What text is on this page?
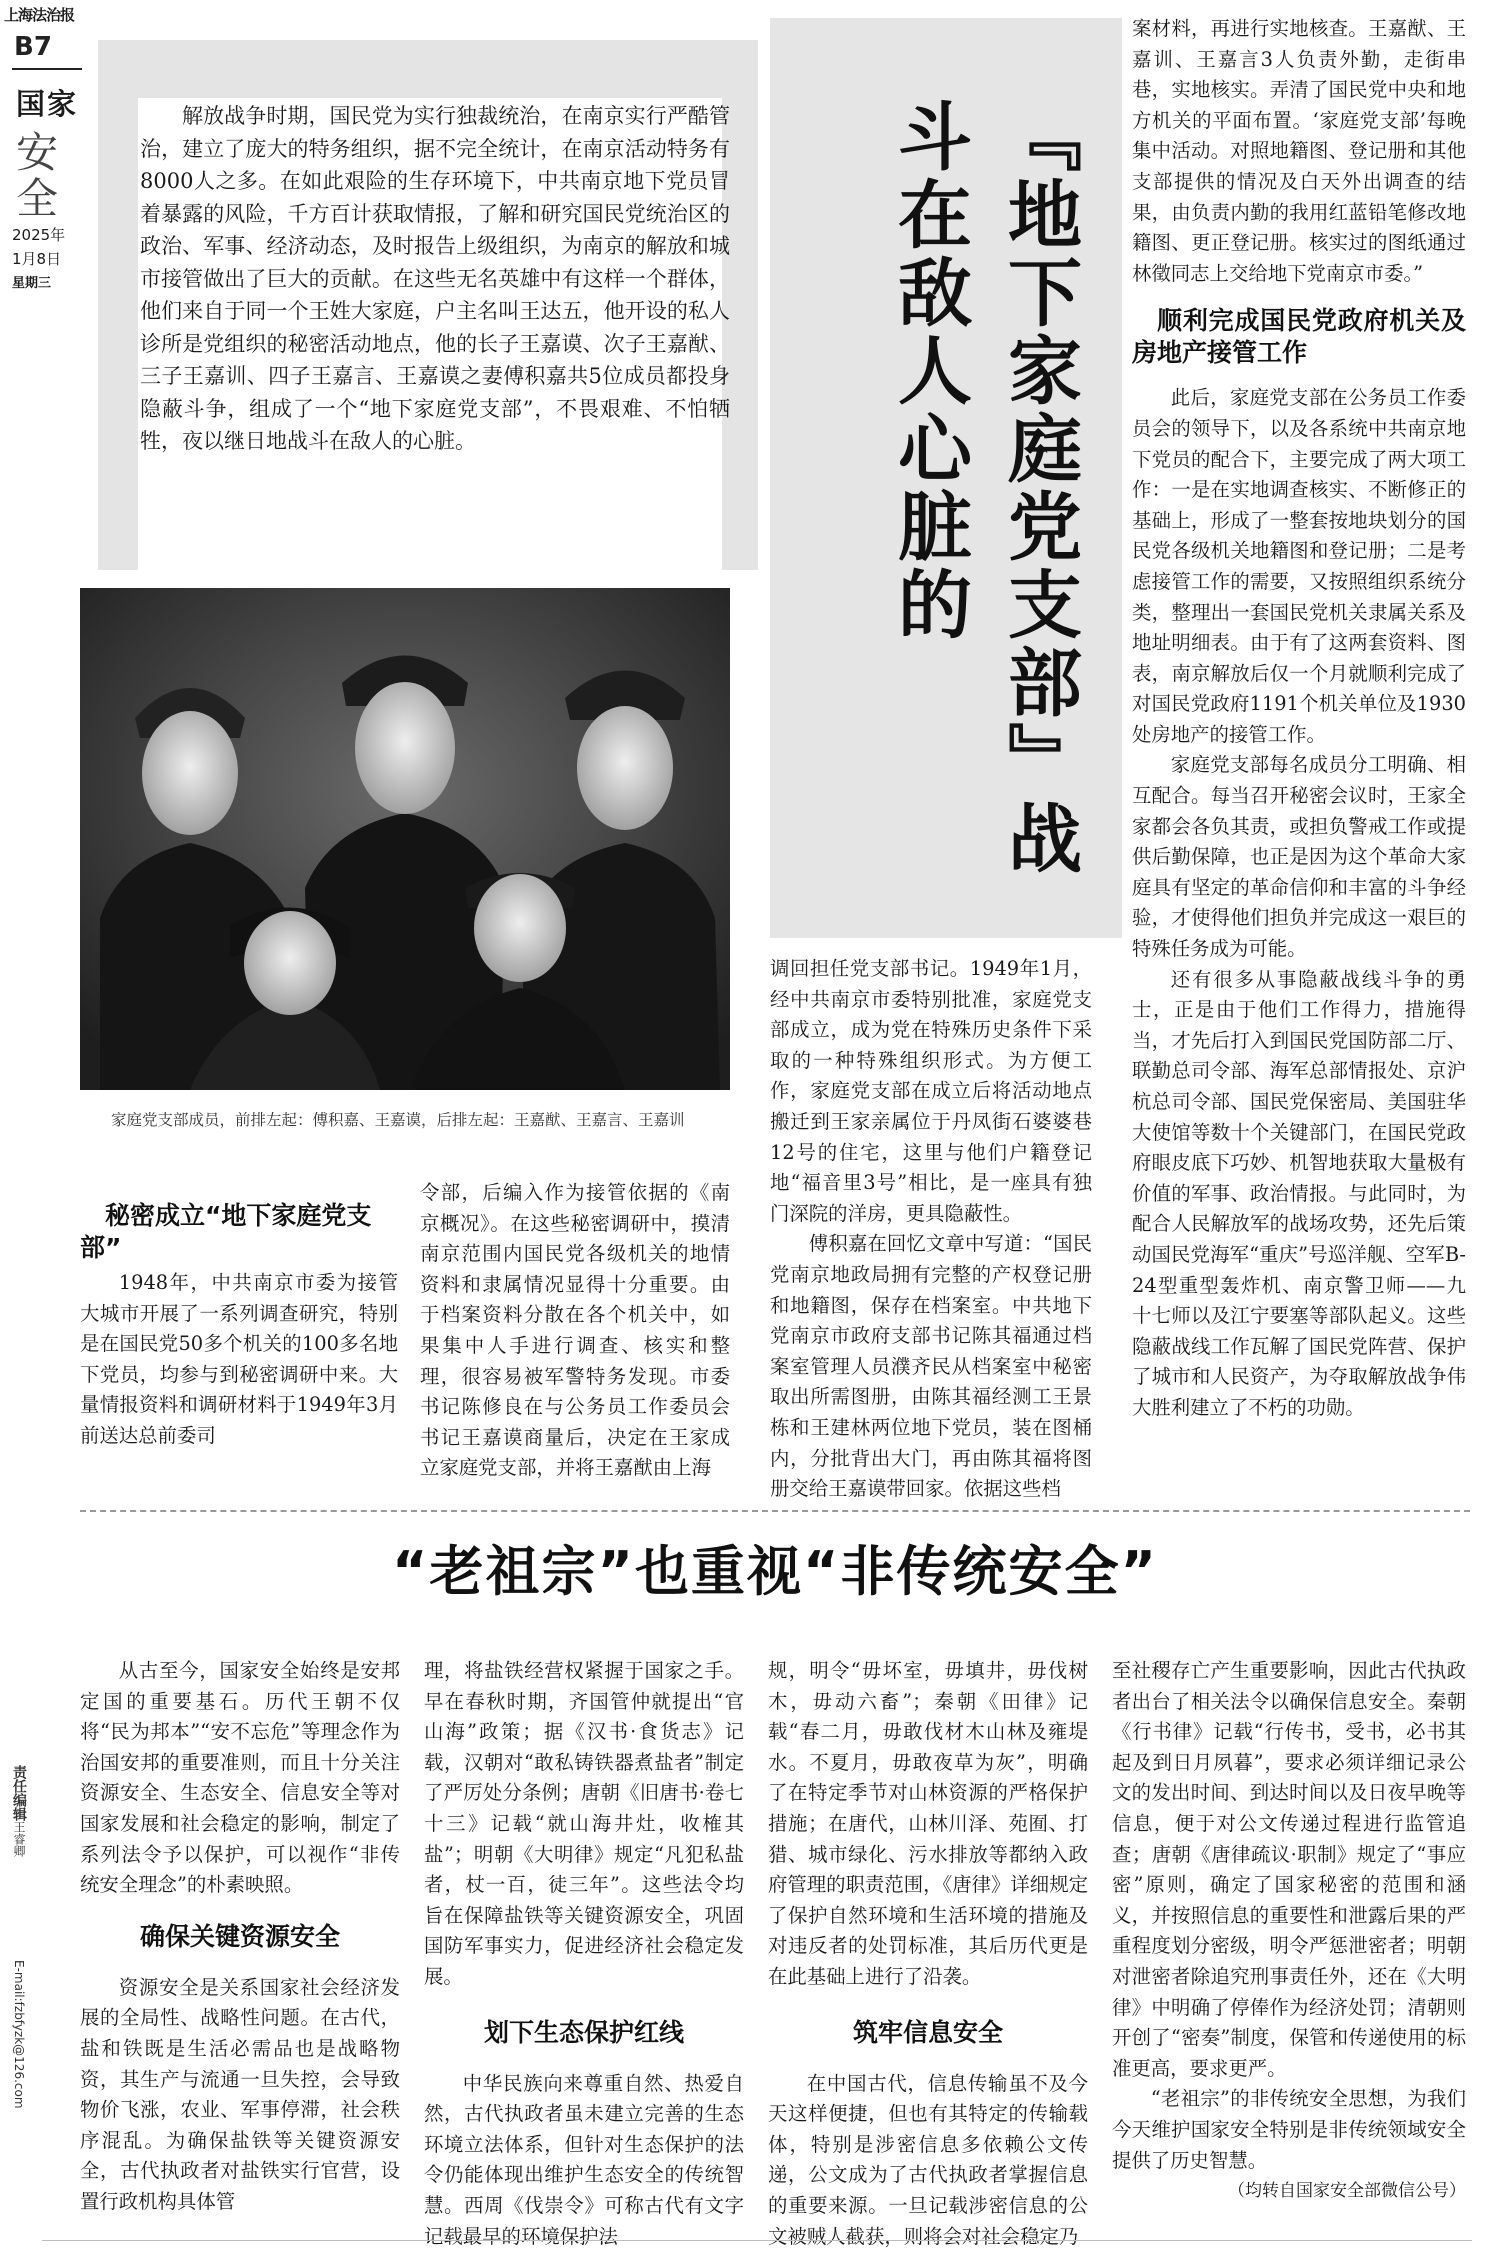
上海法治报
B7
国家
安
全
2025年
1月8日
星期三
责任编辑王睿卿
E-mail:fzbfyzk@126.com
解放战争时期，国民党为实行独裁统治，在南京实行严酷管治，建立了庞大的特务组织，据不完全统计，在南京活动特务有8000人之多。在如此艰险的生存环境下，中共南京地下党员冒着暴露的风险，千方百计获取情报，了解和研究国民党统治区的政治、军事、经济动态，及时报告上级组织，为南京的解放和城市接管做出了巨大的贡献。在这些无名英雄中有这样一个群体，他们来自于同一个王姓大家庭，户主名叫王达五，他开设的私人诊所是党组织的秘密活动地点，他的长子王嘉谟、次子王嘉猷、三子王嘉训、四子王嘉言、王嘉谟之妻傅积嘉共5位成员都投身隐蔽斗争，组成了一个“地下家庭党支部”，不畏艰难、不怕牺牲，夜以继日地战斗在敌人的心脏。	『地下家庭党支部』战斗在敌人心脏的
家庭党支部成员，前排左起：傅积嘉、王嘉谟，后排左起：王嘉猷、王嘉言、王嘉训
秘密成立“地下家庭党支部”

1948年，中共南京市委为接管大城市开展了一系列调查研究，特别是在国民党50多个机关的100多名地下党员，均参与到秘密调研中来。大量情报资料和调研材料于1949年3月前送达总前委司

令部，后编入作为接管依据的《南京概况》。在这些秘密调研中，摸清南京范围内国民党各级机关的地情资料和隶属情况显得十分重要。由于档案资料分散在各个机关中，如果集中人手进行调查、核实和整理，很容易被军警特务发现。市委书记陈修良在与公务员工作委员会书记王嘉谟商量后，决定在王家成立家庭党支部，并将王嘉猷由上海

调回担任党支部书记。1949年1月，经中共南京市委特别批准，家庭党支部成立，成为党在特殊历史条件下采取的一种特殊组织形式。为方便工作，家庭党支部在成立后将活动地点搬迁到王家亲属位于丹凤街石婆婆巷12号的住宅，这里与他们户籍登记地“福音里3号”相比，是一座具有独门深院的洋房，更具隐蔽性。

傅积嘉在回忆文章中写道：“国民党南京地政局拥有完整的产权登记册和地籍图，保存在档案室。中共地下党南京市政府支部书记陈其福通过档案室管理人员濮齐民从档案室中秘密取出所需图册，由陈其福经测工王景栋和王建林两位地下党员，装在图桶内，分批背出大门，再由陈其福将图册交给王嘉谟带回家。依据这些档

案材料，再进行实地核查。王嘉猷、王嘉训、王嘉言3人负责外勤，走街串巷，实地核实。弄清了国民党中央和地方机关的平面布置。‘家庭党支部’每晚集中活动。对照地籍图、登记册和其他支部提供的情况及白天外出调查的结果，由负责内勤的我用红蓝铅笔修改地籍图、更正登记册。核实过的图纸通过林徵同志上交给地下党南京市委。”

顺利完成国民党政府机关及房地产接管工作

此后，家庭党支部在公务员工作委员会的领导下，以及各系统中共南京地下党员的配合下，主要完成了两大项工作：一是在实地调查核实、不断修正的基础上，形成了一整套按地块划分的国民党各级机关地籍图和登记册；二是考虑接管工作的需要，又按照组织系统分类，整理出一套国民党机关隶属关系及地址明细表。由于有了这两套资料、图表，南京解放后仅一个月就顺利完成了对国民党政府1191个机关单位及1930处房地产的接管工作。

家庭党支部每名成员分工明确、相互配合。每当召开秘密会议时，王家全家都会各负其责，或担负警戒工作或提供后勤保障，也正是因为这个革命大家庭具有坚定的革命信仰和丰富的斗争经验，才使得他们担负并完成这一艰巨的特殊任务成为可能。

还有很多从事隐蔽战线斗争的勇士，正是由于他们工作得力，措施得当，才先后打入到国民党国防部二厅、联勤总司令部、海军总部情报处、京沪杭总司令部、国民党保密局、美国驻华大使馆等数十个关键部门，在国民党政府眼皮底下巧妙、机智地获取大量极有价值的军事、政治情报。与此同时，为配合人民解放军的战场攻势，还先后策动国民党海军“重庆”号巡洋舰、空军B-24型重型轰炸机、南京警卫师——九十七师以及江宁要塞等部队起义。这些隐蔽战线工作瓦解了国民党阵营、保护了城市和人民资产，为夺取解放战争伟大胜利建立了不朽的功勋。

“老祖宗”也重视“非传统安全”

从古至今，国家安全始终是安邦定国的重要基石。历代王朝不仅将“民为邦本”“安不忘危”等理念作为治国安邦的重要准则，而且十分关注资源安全、生态安全、信息安全等对国家发展和社会稳定的影响，制定了系列法令予以保护，可以视作“非传统安全理念”的朴素映照。

确保关键资源安全

资源安全是关系国家社会经济发展的全局性、战略性问题。在古代，盐和铁既是生活必需品也是战略物资，其生产与流通一旦失控，会导致物价飞涨，农业、军事停滞，社会秩序混乱。为确保盐铁等关键资源安全，古代执政者对盐铁实行官营，设置行政机构具体管

理，将盐铁经营权紧握于国家之手。早在春秋时期，齐国管仲就提出“官山海”政策；据《汉书·食货志》记载，汉朝对“敢私铸铁器煮盐者”制定了严厉处分条例；唐朝《旧唐书·卷七十三》记载“就山海井灶，收榷其盐”；明朝《大明律》规定“凡犯私盐者，杖一百，徒三年”。这些法令均旨在保障盐铁等关键资源安全，巩固国防军事实力，促进经济社会稳定发展。

划下生态保护红线

中华民族向来尊重自然、热爱自然，古代执政者虽未建立完善的生态环境立法体系，但针对生态保护的法令仍能体现出维护生态安全的传统智慧。西周《伐崇令》可称古代有文字记载最早的环境保护法

规，明令“毋坏室，毋填井，毋伐树木，毋动六畜”；秦朝《田律》记载“春二月，毋敢伐材木山林及雍堤水。不夏月，毋敢夜草为灰”，明确了在特定季节对山林资源的严格保护措施；在唐代，山林川泽、苑囿、打猎、城市绿化、污水排放等都纳入政府管理的职责范围，《唐律》详细规定了保护自然环境和生活环境的措施及对违反者的处罚标准，其后历代更是在此基础上进行了沿袭。

筑牢信息安全

在中国古代，信息传输虽不及今天这样便捷，但也有其特定的传输载体，特别是涉密信息多依赖公文传递，公文成为了古代执政者掌握信息的重要来源。一旦记载涉密信息的公文被贼人截获，则将会对社会稳定乃

至社稷存亡产生重要影响，因此古代执政者出台了相关法令以确保信息安全。秦朝《行书律》记载“行传书，受书，必书其起及到日月夙暮”，要求必须详细记录公文的发出时间、到达时间以及日夜早晚等信息，便于对公文传递过程进行监管追查；唐朝《唐律疏议·职制》规定了“事应密”原则，确定了国家秘密的范围和涵义，并按照信息的重要性和泄露后果的严重程度划分密级，明令严惩泄密者；明朝对泄密者除追究刑事责任外，还在《大明律》中明确了停俸作为经济处罚；清朝则开创了“密奏”制度，保管和传递使用的标准更高，要求更严。

“老祖宗”的非传统安全思想，为我们今天维护国家安全特别是非传统领域安全提供了历史智慧。

（均转自国家安全部微信公号）
